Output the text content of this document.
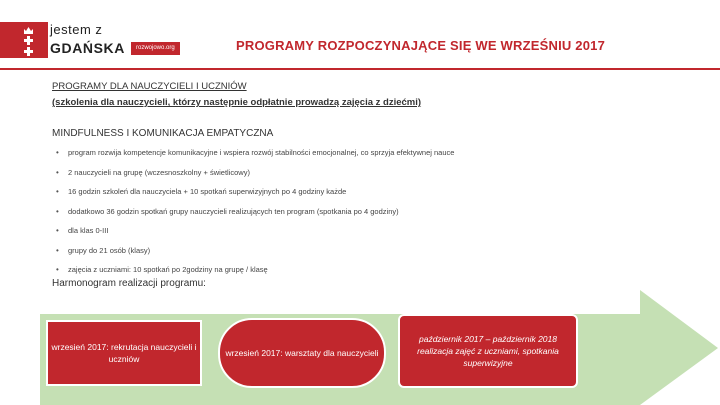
jestem z
GDAŃSKA	rozwojowo.org	PROGRAMY ROZPOCZYNAJĄCE SIĘ WE WRZEŚNIU 2017
PROGRAMY DLA NAUCZYCIELI I UCZNIÓW
(szkolenia dla nauczycieli, którzy następnie odpłatnie prowadzą zajęcia z dziećmi)
MINDFULNESS I KOMUNIKACJA EMPATYCZNA
• program rozwija kompetencje komunikacyjne i wspiera rozwój stabilności emocjonalnej, co sprzyja efektywnej nauce
• 2 nauczycieli na grupę (wczesnoszkolny + świetlicowy)
• 16 godzin szkoleń dla nauczyciela + 10 spotkań superwizyjnych po 4 godziny każde
• dodatkowo 36 godzin spotkań grupy nauczycieli realizujących ten program (spotkania po 4 godziny)
• dla klas 0-III
• grupy do 21 osób (klasy)
• zajęcia z uczniami: 10 spotkań po 2godziny na grupę / klasę
Harmonogram realizacji programu:
wrzesień 2017: rekrutacja nauczycieli i uczniów
wrzesień 2017: warsztaty dla nauczycieli
październik 2017 – październik 2018 realizacja zajęć z uczniami, spotkania superwizyjne
